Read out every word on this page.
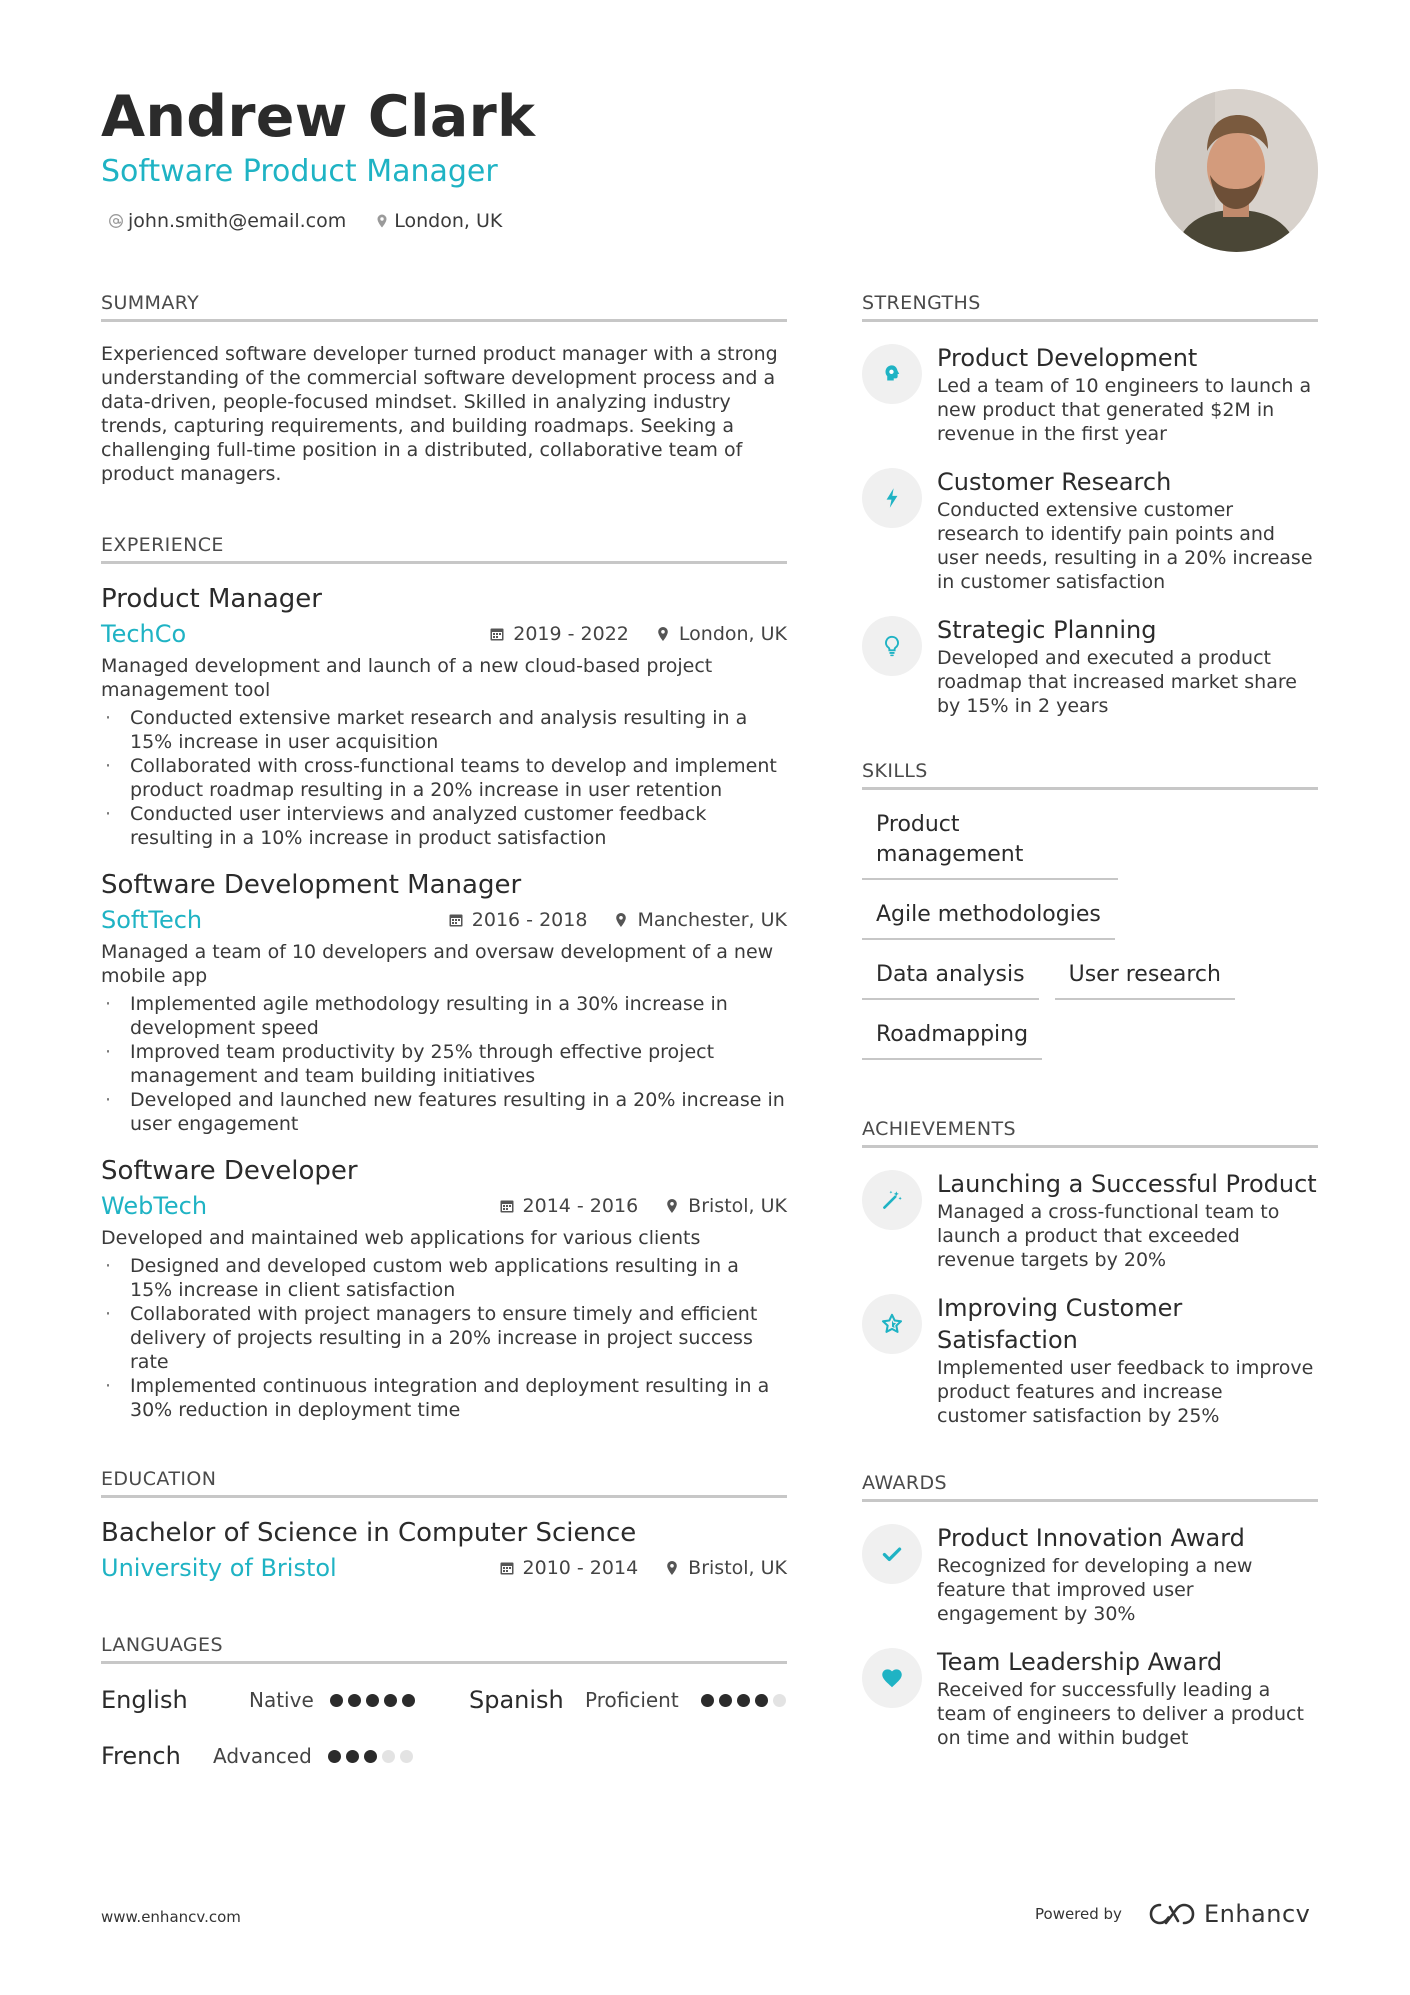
Andrew Clark
Software Product Manager
john.smith@email.com	London, UK
SUMMARY
Experienced software developer turned product manager with a strong understanding of the commercial software development process and a data-driven, people-focused mindset. Skilled in analyzing industry trends, capturing requirements, and building roadmaps. Seeking a challenging full-time position in a distributed, collaborative team of product managers.
EXPERIENCE
Product Manager
TechCo	2019 - 2022	London, UK
Managed development and launch of a new cloud-based project management tool
· Conducted extensive market research and analysis resulting in a 15% increase in user acquisition
· Collaborated with cross-functional teams to develop and implement product roadmap resulting in a 20% increase in user retention
· Conducted user interviews and analyzed customer feedback resulting in a 10% increase in product satisfaction
Software Development Manager
SoftTech	2016 - 2018	Manchester, UK
Managed a team of 10 developers and oversaw development of a new mobile app
· Implemented agile methodology resulting in a 30% increase in development speed
· Improved team productivity by 25% through effective project management and team building initiatives
· Developed and launched new features resulting in a 20% increase in user engagement
Software Developer
WebTech	2014 - 2016	Bristol, UK
Developed and maintained web applications for various clients
· Designed and developed custom web applications resulting in a 15% increase in client satisfaction
· Collaborated with project managers to ensure timely and efficient delivery of projects resulting in a 20% increase in project success rate
· Implemented continuous integration and deployment resulting in a 30% reduction in deployment time
EDUCATION
Bachelor of Science in Computer Science
University of Bristol	2010 - 2014	Bristol, UK
LANGUAGES
English	Native	Spanish	Proficient
French	Advanced
STRENGTHS
Product Development
Led a team of 10 engineers to launch a new product that generated $2M in revenue in the first year
Customer Research
Conducted extensive customer research to identify pain points and user needs, resulting in a 20% increase in customer satisfaction
Strategic Planning
Developed and executed a product roadmap that increased market share by 15% in 2 years
SKILLS
Product management
Agile methodologies
Data analysis	User research
Roadmapping
ACHIEVEMENTS
Launching a Successful Product
Managed a cross-functional team to launch a product that exceeded revenue targets by 20%
Improving Customer Satisfaction
Implemented user feedback to improve product features and increase customer satisfaction by 25%
AWARDS
Product Innovation Award
Recognized for developing a new feature that improved user engagement by 30%
Team Leadership Award
Received for successfully leading a team of engineers to deliver a product on time and within budget
www.enhancv.com	Powered by	Enhancv
